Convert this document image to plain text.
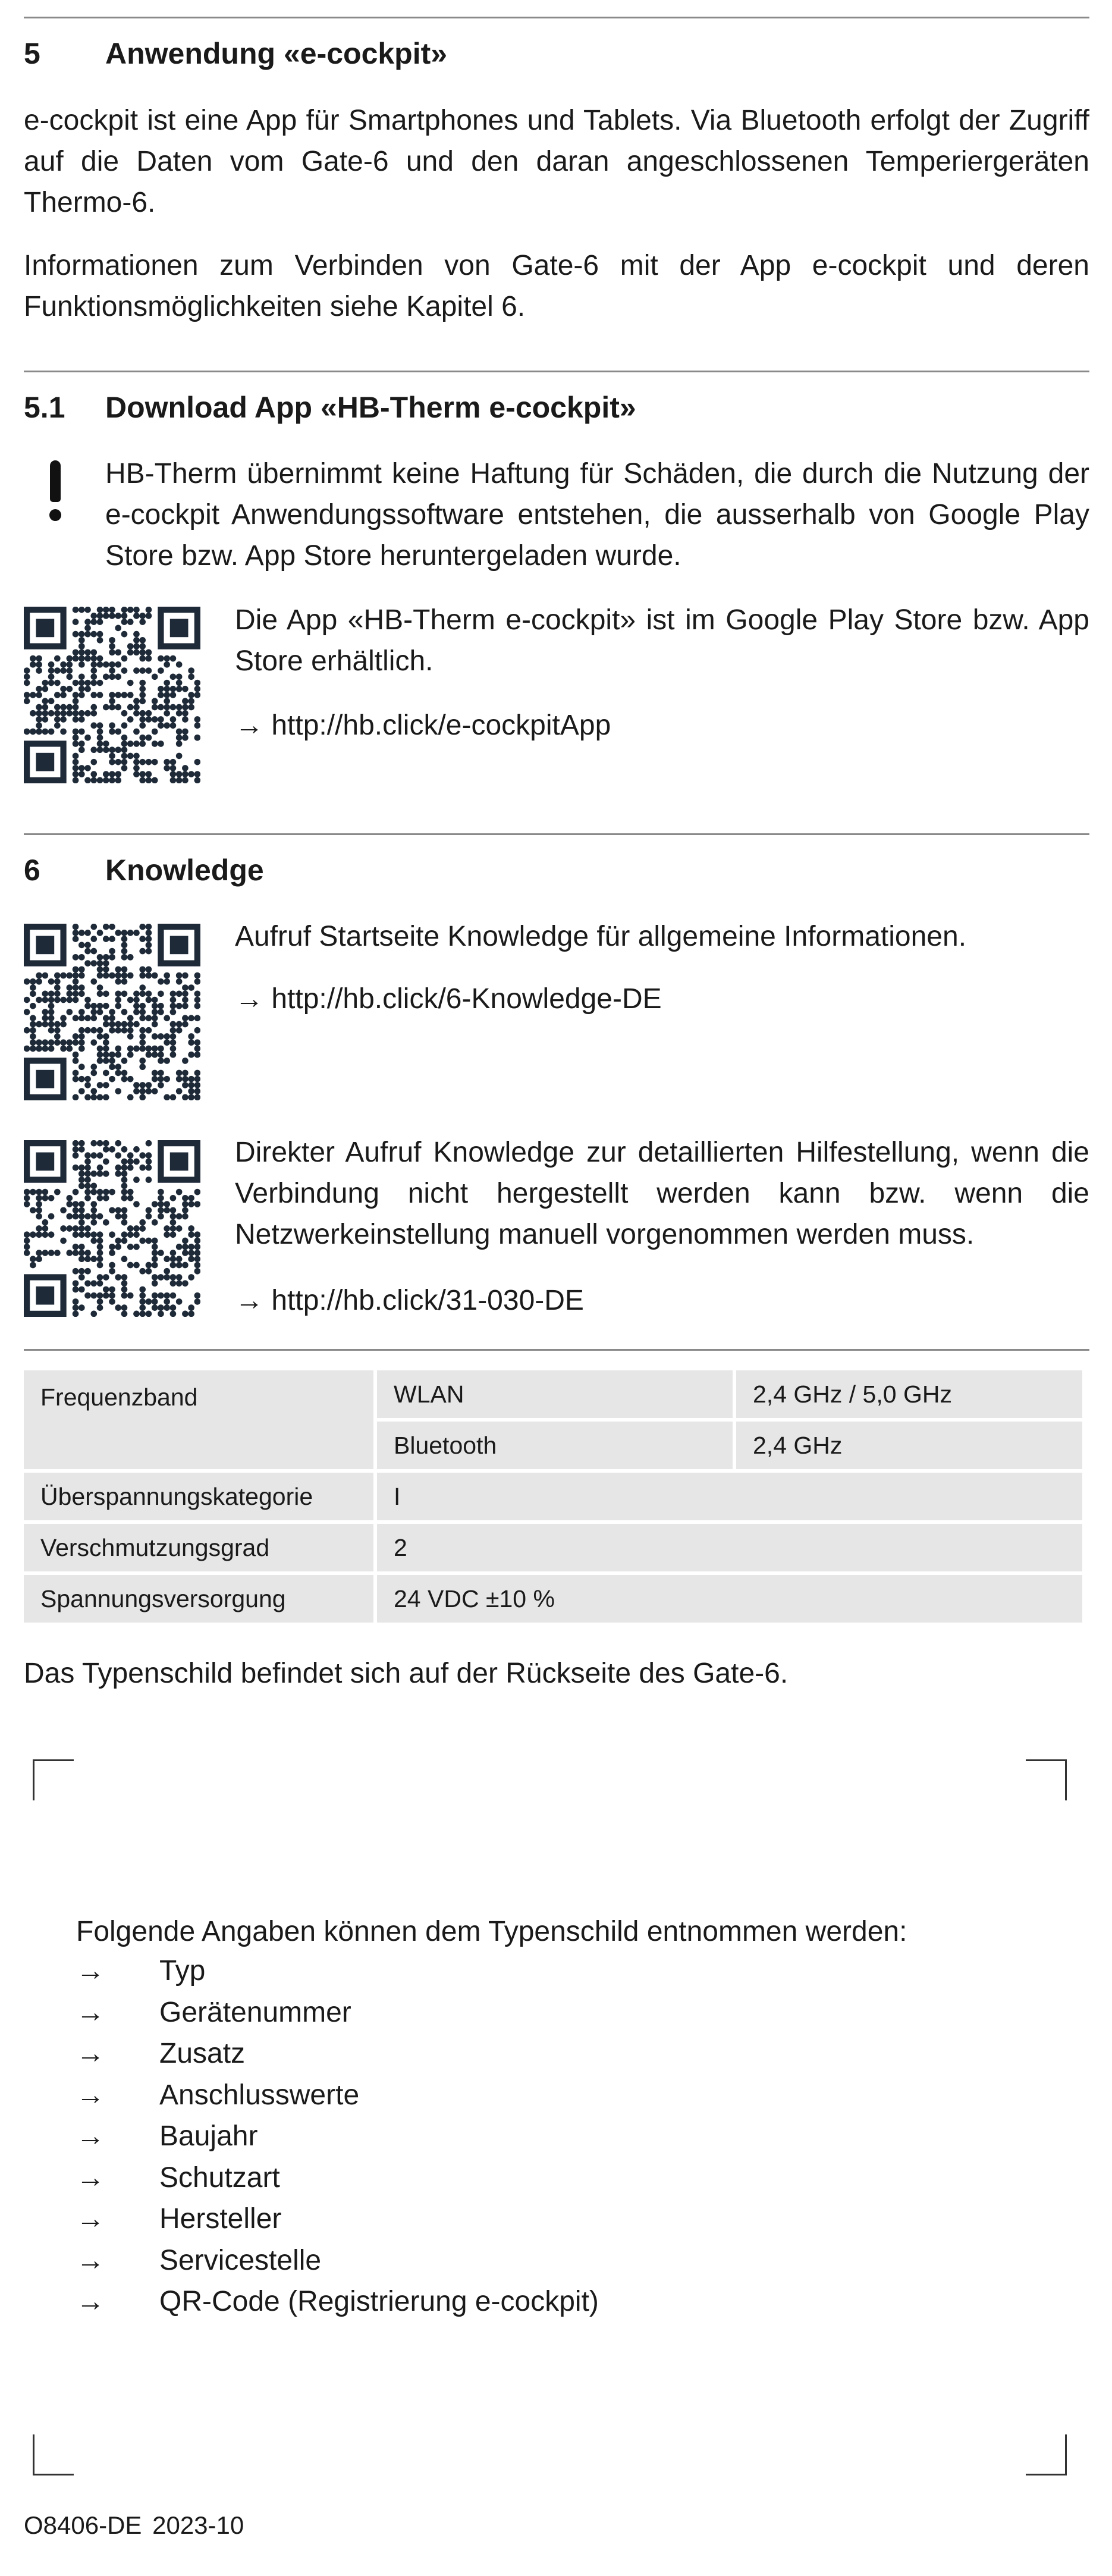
5 Anwendung «e-cockpit»
e-cockpit ist eine App für Smartphones und Tablets. Via Bluetooth erfolgt der Zugriff auf die Daten vom Gate-6 und den daran angeschlossenen Temperiergeräten Thermo-6.
Informationen zum Verbinden von Gate-6 mit der App e-cockpit und deren Funktionsmöglichkeiten siehe Kapitel 6.
5.1 Download App «HB-Therm e-cockpit»
HB-Therm übernimmt keine Haftung für Schäden, die durch die Nutzung der e-cockpit Anwendungssoftware entstehen, die ausserhalb von Google Play Store bzw. App Store heruntergeladen wurde.
Die App «HB-Therm e-cockpit» ist im Google Play Store bzw. App Store erhältlich.
→ http://hb.click/e-cockpitApp
6 Knowledge
Aufruf Startseite Knowledge für allgemeine Informationen.
→ http://hb.click/6-Knowledge-DE
Direkter Aufruf Knowledge zur detaillierten Hilfestellung, wenn die Verbindung nicht hergestellt werden kann bzw. wenn die Netzwerkeinstellung manuell vorgenommen werden muss.
→ http://hb.click/31-030-DE
Frequenzband	WLAN	2,4 GHz / 5,0 GHz
	Bluetooth	2,4 GHz
Überspannungskategorie	I	
Verschmutzungsgrad	2	
Spannungsversorgung	24 VDC ±10 %	
Das Typenschild befindet sich auf der Rückseite des Gate-6.
Folgende Angaben können dem Typenschild entnommen werden:
→ Typ
→ Gerätenummer
→ Zusatz
→ Anschlusswerte
→ Baujahr
→ Schutzart
→ Hersteller
→ Servicestelle
→ QR-Code (Registrierung e-cockpit)
O8406-DE 2023-10
